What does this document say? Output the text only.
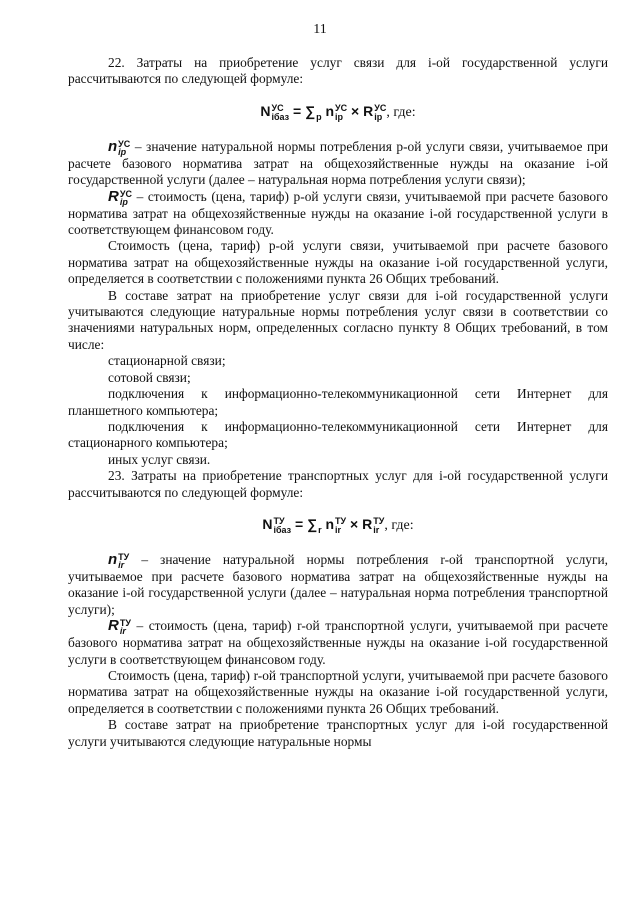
11

22. Затраты на приобретение услуг связи для i-ой государственной услуги рассчитываются по следующей формуле:

N УС
iбаз = ∑
p n УС
ip × R УС
ip , где:

n УС
ip – значение натуральной нормы потребления р-ой услуги связи, учитываемое при расчете базового норматива затрат на общехозяйственные нужды на оказание i-ой государственной услуги (далее – натуральная норма потребления услуги связи);

R УС
ip – стоимость (цена, тариф) р-ой услуги связи, учитываемой при расчете базового норматива затрат на общехозяйственные нужды на оказание i-ой государственной услуги в соответствующем финансовом году.

Стоимость (цена, тариф) р-ой услуги связи, учитываемой при расчете базового норматива затрат на общехозяйственные нужды на оказание i-ой государственной услуги, определяется в соответствии с положениями пункта 26 Общих требований.

В составе затрат на приобретение услуг связи для i-ой государственной услуги учитываются следующие натуральные нормы потребления услуг связи в соответствии со значениями натуральных норм, определенных согласно пункту 8 Общих требований, в том числе:

стационарной связи;

сотовой связи;

подключения к информационно-телекоммуникационной сети Интернет для планшетного компьютера;

подключения к информационно-телекоммуникационной сети Интернет для стационарного компьютера;

иных услуг связи.

23. Затраты на приобретение транспортных услуг для i-ой государственной услуги рассчитываются по следующей формуле:

N ТУ
iбаз = ∑
r n ТУ
ir × R ТУ
ir , где:

n ТУ
ir	– значение натуральной нормы потребления r-ой транспортной услуги, учитываемое при расчете базового норматива затрат на общехозяйственные нужды на оказание i-ой государственной услуги (далее – натуральная норма потребления транспортной услуги);

R ТУ
ir – стоимость (цена, тариф) r-ой транспортной услуги, учитываемой при расчете базового норматива затрат на общехозяйственные нужды на оказание i-ой государственной услуги в соответствующем финансовом году.

Стоимость (цена, тариф) r-ой транспортной услуги, учитываемой при расчете базового норматива затрат на общехозяйственные нужды на оказание i-ой государственной услуги, определяется в соответствии с положениями пункта 26 Общих требований.

В составе затрат на приобретение транспортных услуг для i-ой государственной услуги учитываются следующие натуральные нормы
